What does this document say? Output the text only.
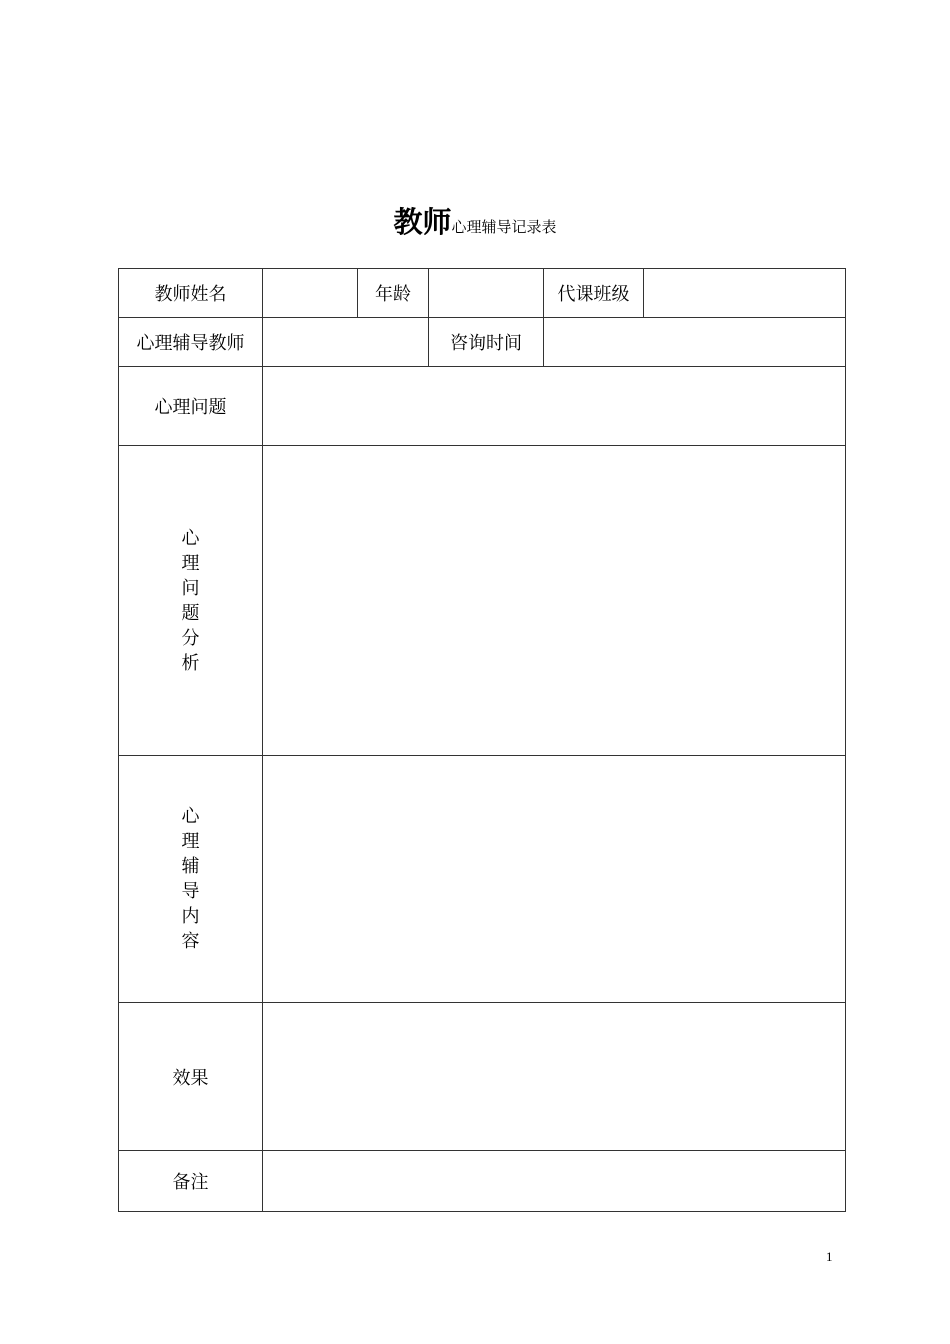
教师心理辅导记录表
教师姓名		年龄		代课班级	
心理辅导教师			咨询时间		
心理问题					
心理问题分析					
心理辅导内容					
效果					
备注					
1
